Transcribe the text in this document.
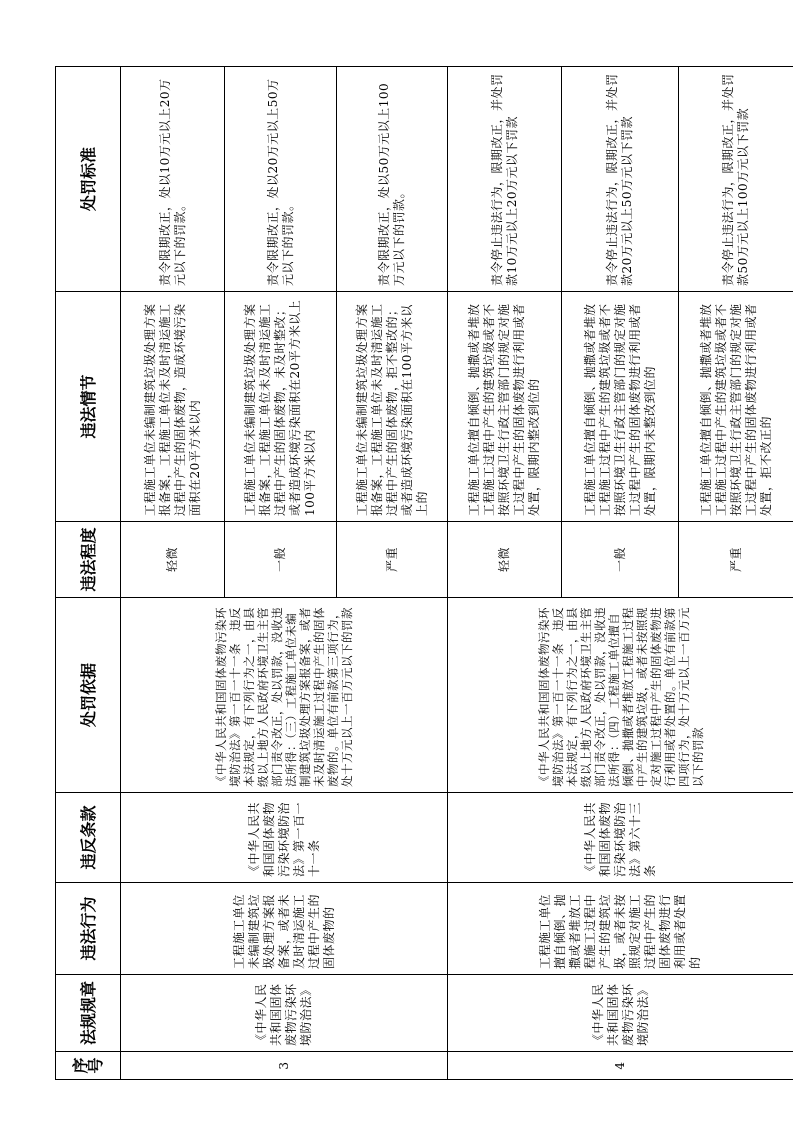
序号	法规规章	违法行为	违反条款	处罚依据	违法程度	违法情节	处罚标准
3	《中华人民共和国固体废物污染环境防治法》	工程施工单位未编制建筑垃圾处理方案报备案，或者未及时清运施工过程中产生的固体废物的	《中华人民共和国固体废物污染环境防治法》第一百一十一条	《中华人民共和国固体废物污染环境防治法》第一百一十一条　违反本法规定，有下列行为之一，由县级以上地方人民政府环境卫生主管部门责令改正，处以罚款，没收违法所得：（三）工程施工单位未编制建筑垃圾处理方案报备案，或者未及时清运施工过程中产生的固体废物的。单位有前款第三项行为，处十万元以上一百万元以下的罚款	轻微	工程施工单位未编制建筑垃圾处理方案报备案，工程施工单位未及时清运施工过程中产生的固体废物，造成环境污染面积在20平方米以内	责令限期改正，处以10万元以上20万元以下的罚款。
					一般	工程施工单位未编制建筑垃圾处理方案报备案，工程施工单位未及时清运施工过程中产生的固体废物，未及时整改；或者造成环境污染面积在20平方米以上100平方米以内	责令限期改正，处以20万元以上50万元以下的罚款。
					严重	工程施工单位未编制建筑垃圾处理方案报备案，工程施工单位未及时清运施工过程中产生的固体废物，拒不整改的；或者造成环境污染面积在100平方米以上的	责令限期改正，处以50万元以上100万元以下的罚款。
4	《中华人民共和国固体废物污染环境防治法》	工程施工单位擅自倾倒、抛撒或者堆放工程施工过程中产生的建筑垃圾，或者未按照规定对施工过程中产生的固体废物进行利用或者处置的	《中华人民共和国固体废物污染环境防治法》第六十三条	《中华人民共和国固体废物污染环境防治法》第一百一十一条　违反本法规定，有下列行为之一，由县级以上地方人民政府环境卫生主管部门责令改正，处以罚款，没收违法所得：（四）工程施工单位擅自倾倒、抛撒或者堆放工程施工过程中产生的建筑垃圾，或者未按照规定对施工过程中产生的固体废物进行利用或者处置的。单位有前款第四项行为，处十万元以上一百万元以下的罚款	轻微	工程施工单位擅自倾倒、抛撒或者堆放工程施工过程中产生的建筑垃圾或者不按照环境卫生行政主管部门的规定对施工过程中产生的固体废物进行利用或者处置，限期内整改到位的	责令停止违法行为，限期改正，并处罚款10万元以上20万元以下罚款
					一般	工程施工单位擅自倾倒、抛撒或者堆放工程施工过程中产生的建筑垃圾或者不按照环境卫生行政主管部门的规定对施工过程中产生的固体废物进行利用或者处置，限期内未整改到位的	责令停止违法行为，限期改正，并处罚款20万元以上50万元以下罚款
					严重	工程施工单位擅自倾倒、抛撒或者堆放工程施工过程中产生的建筑垃圾或者不按照环境卫生行政主管部门的规定对施工过程中产生的固体废物进行利用或者处置，拒不改正的	责令停止违法行为，限期改正，并处罚款50万元以上100万元以下罚款
